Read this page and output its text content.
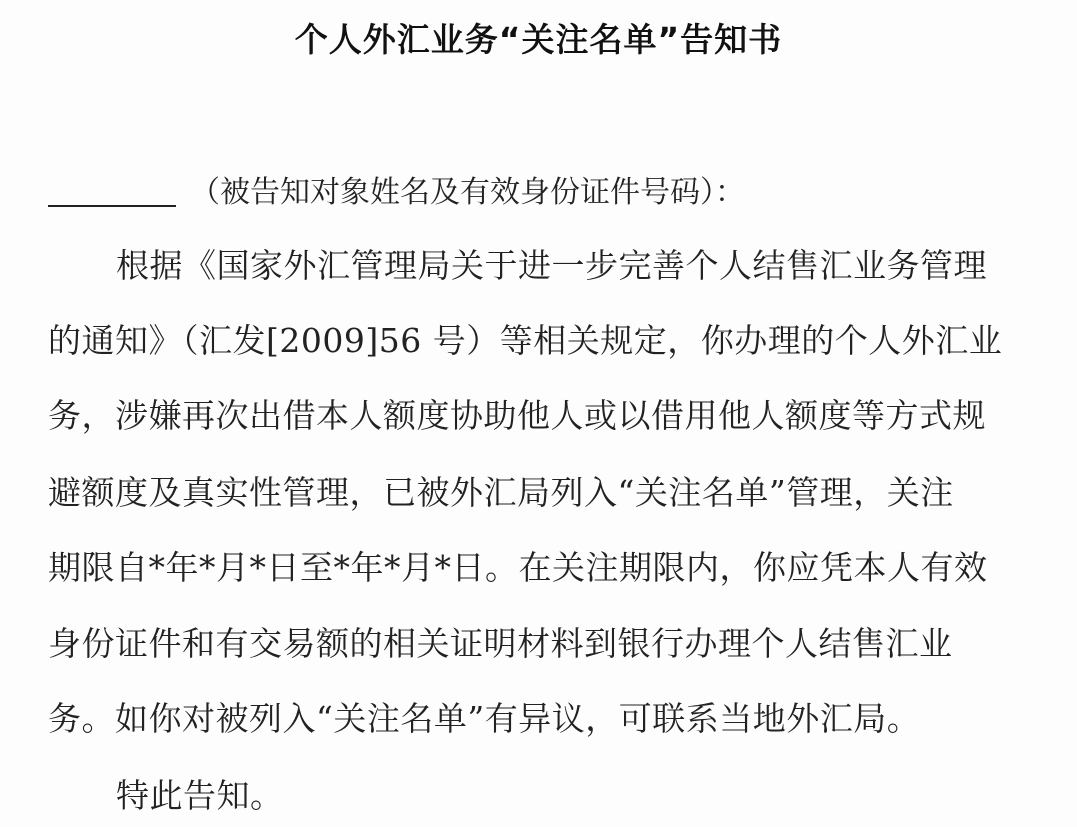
个人外汇业务“关注名单”告知书
（被告知对象姓名及有效身份证件号码）：
根据《国家外汇管理局关于进一步完善个人结售汇业务管理
的通知》（汇发[2009]56 号）等相关规定，你办理的个人外汇业
务，涉嫌再次出借本人额度协助他人或以借用他人额度等方式规
避额度及真实性管理，已被外汇局列入“关注名单”管理，关注
期限自*年*月*日至*年*月*日。在关注期限内，你应凭本人有效
身份证件和有交易额的相关证明材料到银行办理个人结售汇业
务。如你对被列入“关注名单”有异议，可联系当地外汇局。
特此告知。
